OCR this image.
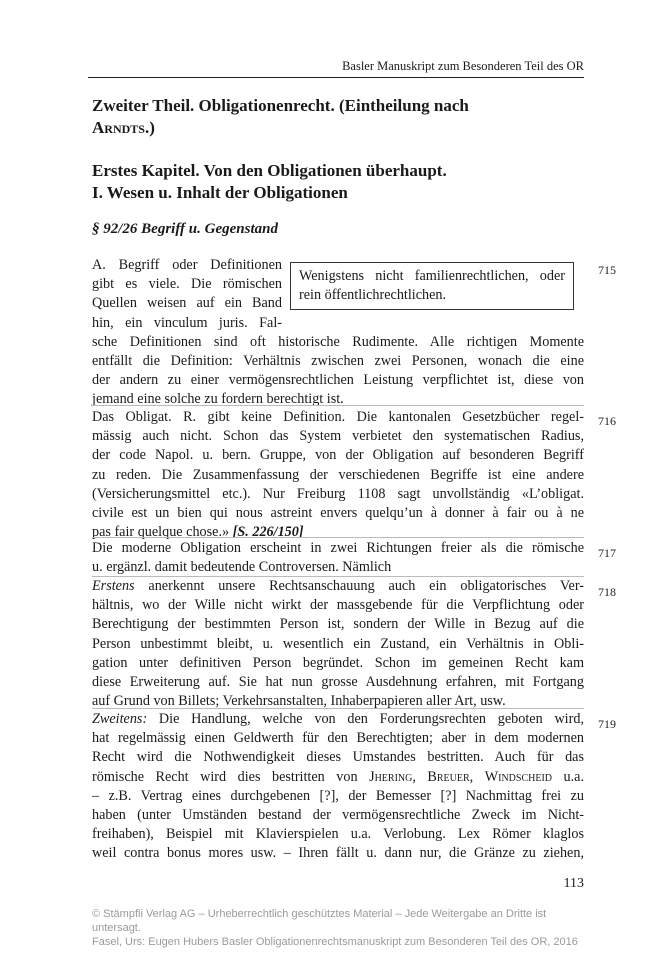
Basler Manuskript zum Besonderen Teil des OR
Zweiter Theil. Obligationenrecht. (Eintheilung nach
Arndts.)
Erstes Kapitel. Von den Obligationen überhaupt.
I. Wesen u. Inhalt der Obligationen
§ 92/26 Begriff u. Gegenstand
715
A. Begriff oder Definitionen
gibt es viele. Die römischen
Quellen weisen auf ein Band
hin, ein vinculum juris. Fal-
sche Definitionen sind oft historische Rudimente. Alle richtigen Momente
entfällt die Definition: Verhältnis zwischen zwei Personen, wonach die eine
der andern zu einer vermögensrechtlichen Leistung verpflichtet ist, diese von
jemand eine solche zu fordern berechtigt ist.
Wenigstens nicht familienrechtlichen, oder rein öffentlichrechtlichen.
716
Das Obligat. R. gibt keine Definition. Die kantonalen Gesetzbücher regel-
mässig auch nicht. Schon das System verbietet den systematischen Radius,
der code Napol. u. bern. Gruppe, von der Obligation auf besonderen Begriff
zu reden. Die Zusammenfassung der verschiedenen Begriffe ist eine andere
(Versicherungsmittel etc.). Nur Freiburg 1108 sagt unvollständig «L’obligat.
civile est un bien qui nous astreint envers quelqu’un à donner à fair ou à ne
pas fair quelque chose.» [S. 226/150]
717
Die moderne Obligation erscheint in zwei Richtungen freier als die römische
u. ergänzl. damit bedeutende Controversen. Nämlich
718
Erstens anerkennt unsere Rechtsanschauung auch ein obligatorisches Ver-
hältnis, wo der Wille nicht wirkt der massgebende für die Verpflichtung oder
Berechtigung der bestimmten Person ist, sondern der Wille in Bezug auf die
Person unbestimmt bleibt, u. wesentlich ein Zustand, ein Verhältnis in Obli-
gation unter definitiven Person begründet. Schon im gemeinen Recht kam
diese Erweiterung auf. Sie hat nun grosse Ausdehnung erfahren, mit Fortgang
auf Grund von Billets; Verkehrsanstalten, Inhaberpapieren aller Art, usw.
719
Zweitens: Die Handlung, welche von den Forderungsrechten geboten wird,
hat regelmässig einen Geldwerth für den Berechtigten; aber in dem modernen
Recht wird die Nothwendigkeit dieses Umstandes bestritten. Auch für das
römische Recht wird dies bestritten von Jhering, Breuer, Windscheid u.a.
– z.B. Vertrag eines durchgebenen [?], der Bemesser [?] Nachmittag frei zu
haben (unter Umständen bestand der vermögensrechtliche Zweck im Nicht-
freihaben), Beispiel mit Klavierspielen u.a. Verlobung. Lex Römer klaglos
weil contra bonus mores usw. – Ihren fällt u. dann nur, die Gränze zu ziehen,
113
© Stämpfli Verlag AG – Urheberrechtlich geschütztes Material – Jede Weitergabe an Dritte ist
untersagt.
Fasel, Urs: Eugen Hubers Basler Obligationenrechtsmanuskript zum Besonderen Teil des OR, 2016
